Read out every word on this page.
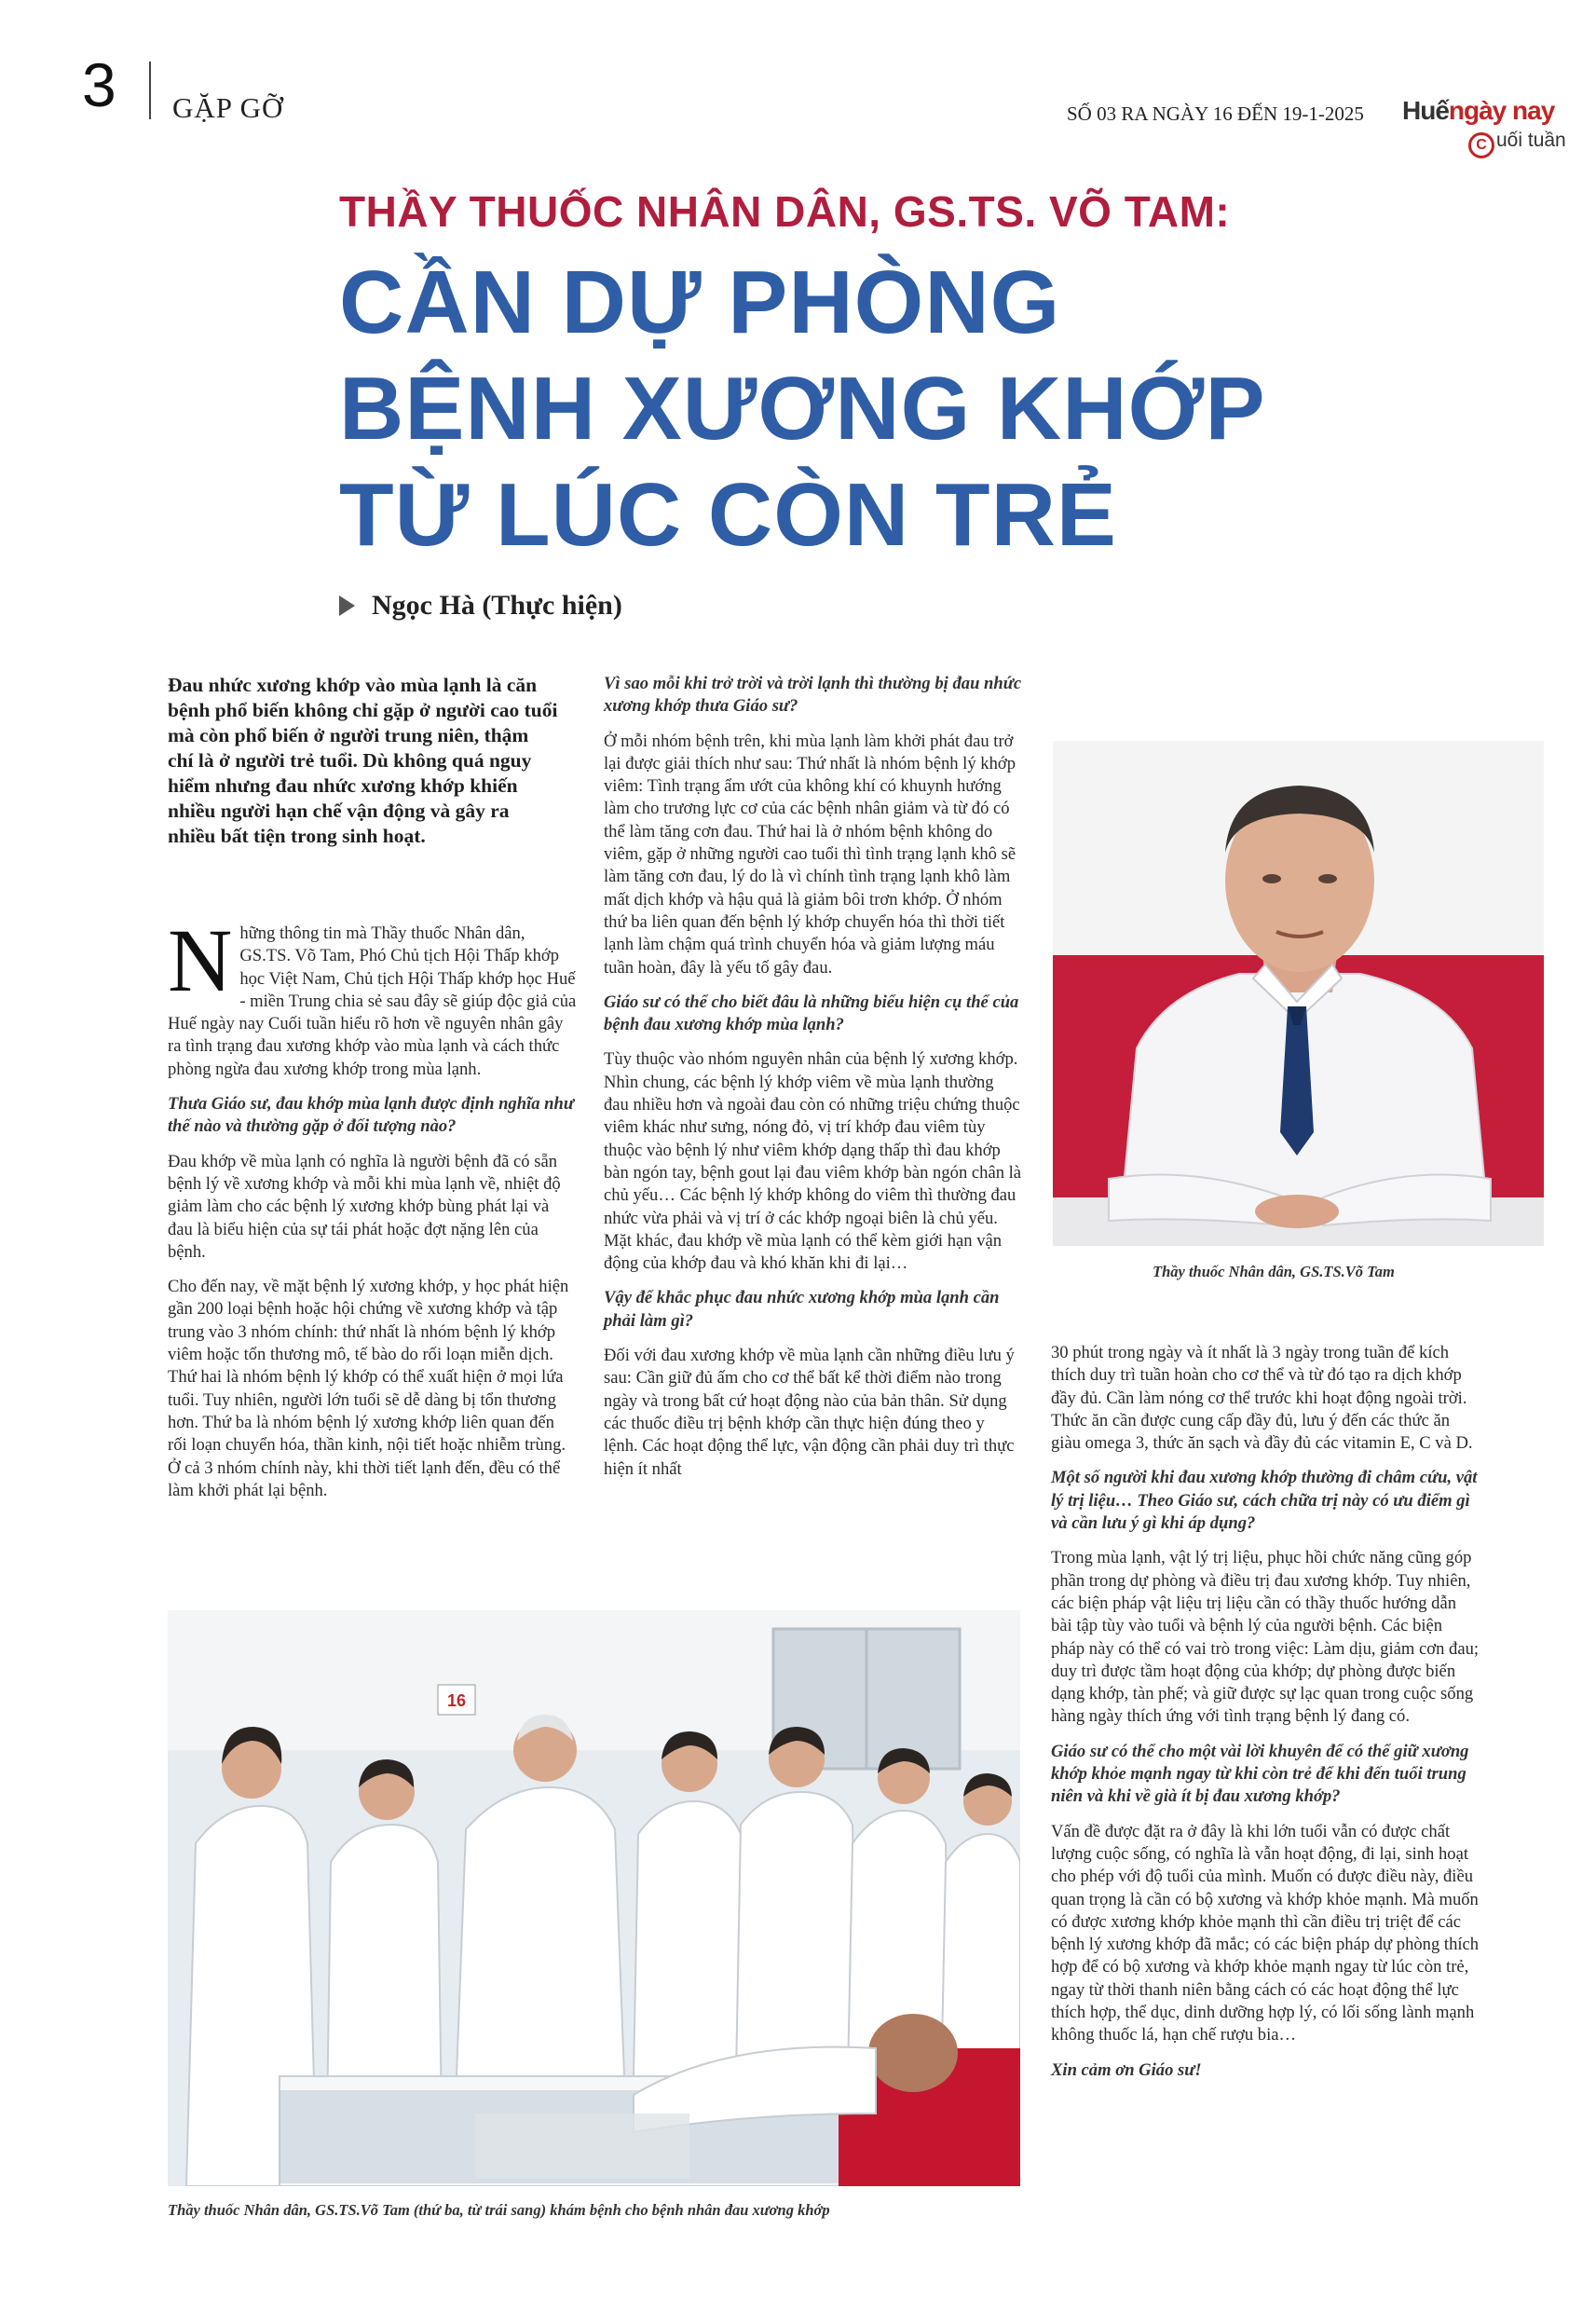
3 GẶP GỠ	SỐ 03 RA NGÀY 16 ĐẾN 19-1-2025 Huếngày nay
C uối tuần
THẦY THUỐC NHÂN DÂN, GS.TS. VÕ TAM:
CẦN DỰ PHÒNG
BỆNH XƯƠNG KHỚP
TỪ LÚC CÒN TRẺ
Ngọc Hà (Thực hiện)

Đau nhức xương khớp vào mùa lạnh là căn bệnh phổ biến không chỉ gặp ở người cao tuổi mà còn phổ biến ở người trung niên, thậm chí là ở người trẻ tuổi. Dù không quá nguy hiểm nhưng đau nhức xương khớp khiến nhiều người hạn chế vận động và gây ra nhiều bất tiện trong sinh hoạt.

Những thông tin mà Thầy thuốc Nhân dân, GS.TS. Võ Tam, Phó Chủ tịch Hội Thấp khớp học Việt Nam, Chủ tịch Hội Thấp khớp học Huế - miền Trung chia sẻ sau đây sẽ giúp độc giả của Huế ngày nay Cuối tuần hiểu rõ hơn về nguyên nhân gây ra tình trạng đau xương khớp vào mùa lạnh và cách thức phòng ngừa đau xương khớp trong mùa lạnh.

Thưa Giáo sư, đau khớp mùa lạnh được định nghĩa như thế nào và thường gặp ở đối tượng nào?

Đau khớp về mùa lạnh có nghĩa là người bệnh đã có sẵn bệnh lý về xương khớp và mỗi khi mùa lạnh về, nhiệt độ giảm làm cho các bệnh lý xương khớp bùng phát lại và đau là biểu hiện của sự tái phát hoặc đợt nặng lên của bệnh.

Cho đến nay, về mặt bệnh lý xương khớp, y học phát hiện gần 200 loại bệnh hoặc hội chứng về xương khớp và tập trung vào 3 nhóm chính: thứ nhất là nhóm bệnh lý khớp viêm hoặc tổn thương mô, tế bào do rối loạn miễn dịch. Thứ hai là nhóm bệnh lý khớp có thể xuất hiện ở mọi lứa tuổi. Tuy nhiên, người lớn tuổi sẽ dễ dàng bị tổn thương hơn. Thứ ba là nhóm bệnh lý xương khớp liên quan đến rối loạn chuyển hóa, thần kinh, nội tiết hoặc nhiễm trùng. Ở cả 3 nhóm chính này, khi thời tiết lạnh đến, đều có thể làm khởi phát lại bệnh.

Vì sao mỗi khi trở trời và trời lạnh thì thường bị đau nhức xương khớp thưa Giáo sư?

Ở mỗi nhóm bệnh trên, khi mùa lạnh làm khởi phát đau trở lại được giải thích như sau: Thứ nhất là nhóm bệnh lý khớp viêm: Tình trạng ẩm ướt của không khí có khuynh hướng làm cho trương lực cơ của các bệnh nhân giảm và từ đó có thể làm tăng cơn đau. Thứ hai là ở nhóm bệnh không do viêm, gặp ở những người cao tuổi thì tình trạng lạnh khô sẽ làm tăng cơn đau, lý do là vì chính tình trạng lạnh khô làm mất dịch khớp và hậu quả là giảm bôi trơn khớp. Ở nhóm thứ ba liên quan đến bệnh lý khớp chuyển hóa thì thời tiết lạnh làm chậm quá trình chuyển hóa và giảm lượng máu tuần hoàn, đây là yếu tố gây đau.

Giáo sư có thể cho biết đâu là những biểu hiện cụ thể của bệnh đau xương khớp mùa lạnh?

Tùy thuộc vào nhóm nguyên nhân của bệnh lý xương khớp. Nhìn chung, các bệnh lý khớp viêm về mùa lạnh thường đau nhiều hơn và ngoài đau còn có những triệu chứng thuộc viêm khác như sưng, nóng đỏ, vị trí khớp đau viêm tùy thuộc vào bệnh lý như viêm khớp dạng thấp thì đau khớp bàn ngón tay, bệnh gout lại đau viêm khớp bàn ngón chân là chủ yếu… Các bệnh lý khớp không do viêm thì thường đau nhức vừa phải và vị trí ở các khớp ngoại biên là chủ yếu. Mặt khác, đau khớp về mùa lạnh có thể kèm giới hạn vận động của khớp đau và khó khăn khi đi lại…

Vậy để khắc phục đau nhức xương khớp mùa lạnh cần phải làm gì?

Đối với đau xương khớp về mùa lạnh cần những điều lưu ý sau: Cần giữ đủ ấm cho cơ thể bất kể thời điểm nào trong ngày và trong bất cứ hoạt động nào của bản thân. Sử dụng các thuốc điều trị bệnh khớp cần thực hiện đúng theo y lệnh. Các hoạt động thể lực, vận động cần phải duy trì thực hiện ít nhất

Thầy thuốc Nhân dân, GS.TS.Võ Tam

30 phút trong ngày và ít nhất là 3 ngày trong tuần để kích thích duy trì tuần hoàn cho cơ thể và từ đó tạo ra dịch khớp đầy đủ. Cần làm nóng cơ thể trước khi hoạt động ngoài trời. Thức ăn cần được cung cấp đầy đủ, lưu ý đến các thức ăn giàu omega 3, thức ăn sạch và đầy đủ các vitamin E, C và D.

Một số người khi đau xương khớp thường đi châm cứu, vật lý trị liệu… Theo Giáo sư, cách chữa trị này có ưu điểm gì và cần lưu ý gì khi áp dụng?

Trong mùa lạnh, vật lý trị liệu, phục hồi chức năng cũng góp phần trong dự phòng và điều trị đau xương khớp. Tuy nhiên, các biện pháp vật liệu trị liệu cần có thầy thuốc hướng dẫn bài tập tùy vào tuổi và bệnh lý của người bệnh. Các biện pháp này có thể có vai trò trong việc: Làm dịu, giảm cơn đau; duy trì được tầm hoạt động của khớp; dự phòng được biến dạng khớp, tàn phế; và giữ được sự lạc quan trong cuộc sống hàng ngày thích ứng với tình trạng bệnh lý đang có.

Giáo sư có thể cho một vài lời khuyên để có thể giữ xương khớp khỏe mạnh ngay từ khi còn trẻ để khi đến tuổi trung niên và khi về già ít bị đau xương khớp?

Vấn đề được đặt ra ở đây là khi lớn tuổi vẫn có được chất lượng cuộc sống, có nghĩa là vẫn hoạt động, đi lại, sinh hoạt cho phép với độ tuổi của mình. Muốn có được điều này, điều quan trọng là cần có bộ xương và khớp khỏe mạnh. Mà muốn có được xương khớp khỏe mạnh thì cần điều trị triệt để các bệnh lý xương khớp đã mắc; có các biện pháp dự phòng thích hợp để có bộ xương và khớp khỏe mạnh ngay từ lúc còn trẻ, ngay từ thời thanh niên bằng cách có các hoạt động thể lực thích hợp, thể dục, dinh dưỡng hợp lý, có lối sống lành mạnh không thuốc lá, hạn chế rượu bia…

Xin cảm ơn Giáo sư!

16
Thầy thuốc Nhân dân, GS.TS.Võ Tam (thứ ba, từ trái sang) khám bệnh cho bệnh nhân đau xương khớp
